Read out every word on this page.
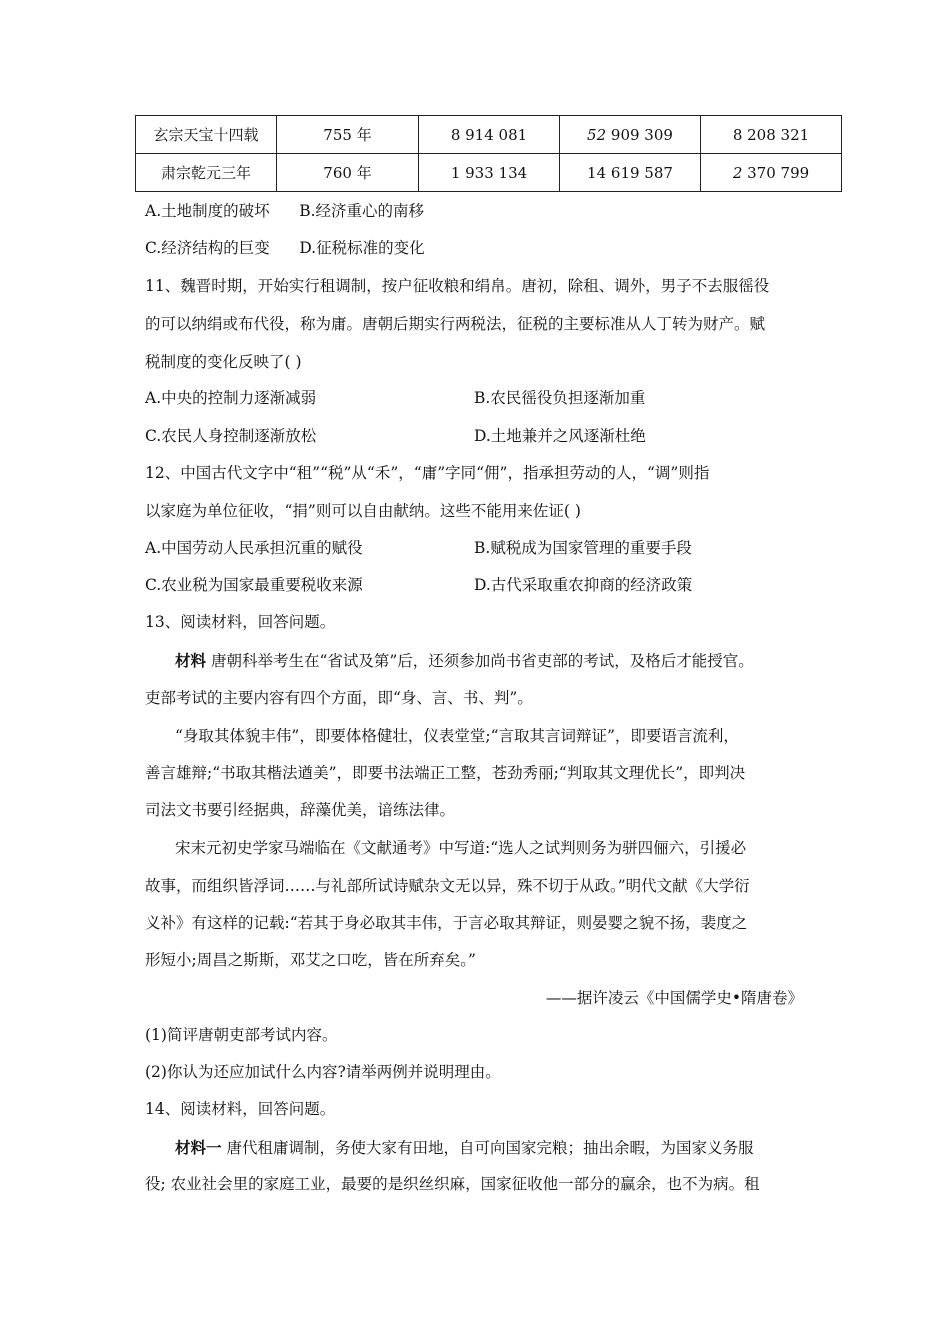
玄宗天宝十四载	755 年	8 914 081	52 909 309	8 208 321
肃宗乾元三年	760 年	1 933 134	14 619 587	2 370 799
A.土地制度的破坏 B.经济重心的南移
C.经济结构的巨变 D.征税标准的变化
11、魏晋时期，开始实行租调制，按户征收粮和绢帛。唐初，除租、调外，男子不去服徭役
的可以纳绢或布代役，称为庸。唐朝后期实行两税法，征税的主要标准从人丁转为财产。赋
税制度的变化反映了( )
A.中央的控制力逐渐减弱	B.农民徭役负担逐渐加重
C.农民人身控制逐渐放松	D.土地兼并之风逐渐杜绝
12、中国古代文字中“租”“税”从“禾”，“庸”字同“佣”，指承担劳动的人，“调”则指
以家庭为单位征收，“捐”则可以自由献纳。这些不能用来佐证( )
A.中国劳动人民承担沉重的赋役	B.赋税成为国家管理的重要手段
C.农业税为国家最重要税收来源	D.古代采取重农抑商的经济政策
13、阅读材料，回答问题。
材料 唐朝科举考生在“省试及第”后，还须参加尚书省吏部的考试，及格后才能授官。
吏部考试的主要内容有四个方面，即“身、言、书、判”。
“身取其体貌丰伟”，即要体格健壮，仪表堂堂;“言取其言词辩证”，即要语言流利，
善言雄辩;“书取其楷法遒美”，即要书法端正工整，苍劲秀丽;“判取其文理优长”，即判决
司法文书要引经据典，辞藻优美，谙练法律。
宋末元初史学家马端临在《文献通考》中写道:“选人之试判则务为骈四俪六，引援必
故事，而组织皆浮词……与礼部所试诗赋杂文无以异，殊不切于从政。”明代文献《大学衍
义补》有这样的记载:“若其于身必取其丰伟，于言必取其辩证，则晏婴之貌不扬，裴度之
形短小;周昌之斯斯，邓艾之口吃，皆在所弃矣。”
——据许凌云《中国儒学史•隋唐卷》
(1)简评唐朝吏部考试内容。
(2)你认为还应加试什么内容?请举两例并说明理由。
14、阅读材料，回答问题。
材料一 唐代租庸调制，务使大家有田地，自可向国家完粮；抽出余暇，为国家义务服
役; 农业社会里的家庭工业，最要的是织丝织麻，国家征收他一部分的赢余，也不为病。租
